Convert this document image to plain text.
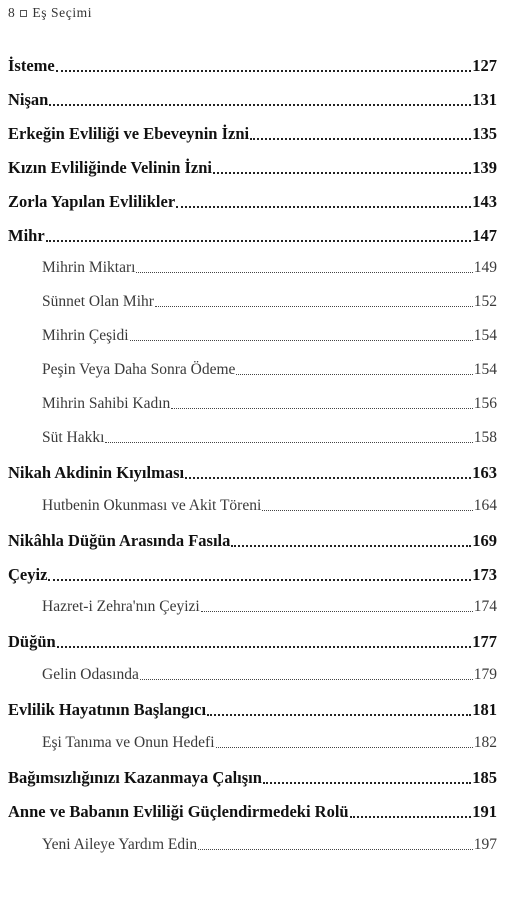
8 Eş Seçimi
İsteme	127
Nişan	131
Erkeğin Evliliği ve Ebeveynin İzni	135
Kızın Evliliğinde Velinin İzni	139
Zorla Yapılan Evlilikler	143
Mihr	147
Mihrin Miktarı	149
Sünnet Olan Mihr	152
Mihrin Çeşidi	154
Peşin Veya Daha Sonra Ödeme	154
Mihrin Sahibi Kadın	156
Süt Hakkı	158
Nikah Akdinin Kıyılması	163
Hutbenin Okunması ve Akit Töreni	164
Nikâhla Düğün Arasında Fasıla	169
Çeyiz	173
Hazret-i Zehra'nın Çeyizi	174
Düğün	177
Gelin Odasında	179
Evlilik Hayatının Başlangıcı	181
Eşi Tanıma ve Onun Hedefi	182
Bağımsızlığınızı Kazanmaya Çalışın	185
Anne ve Babanın Evliliği Güçlendirmedeki Rolü	191
Yeni Aileye Yardım Edin	197
